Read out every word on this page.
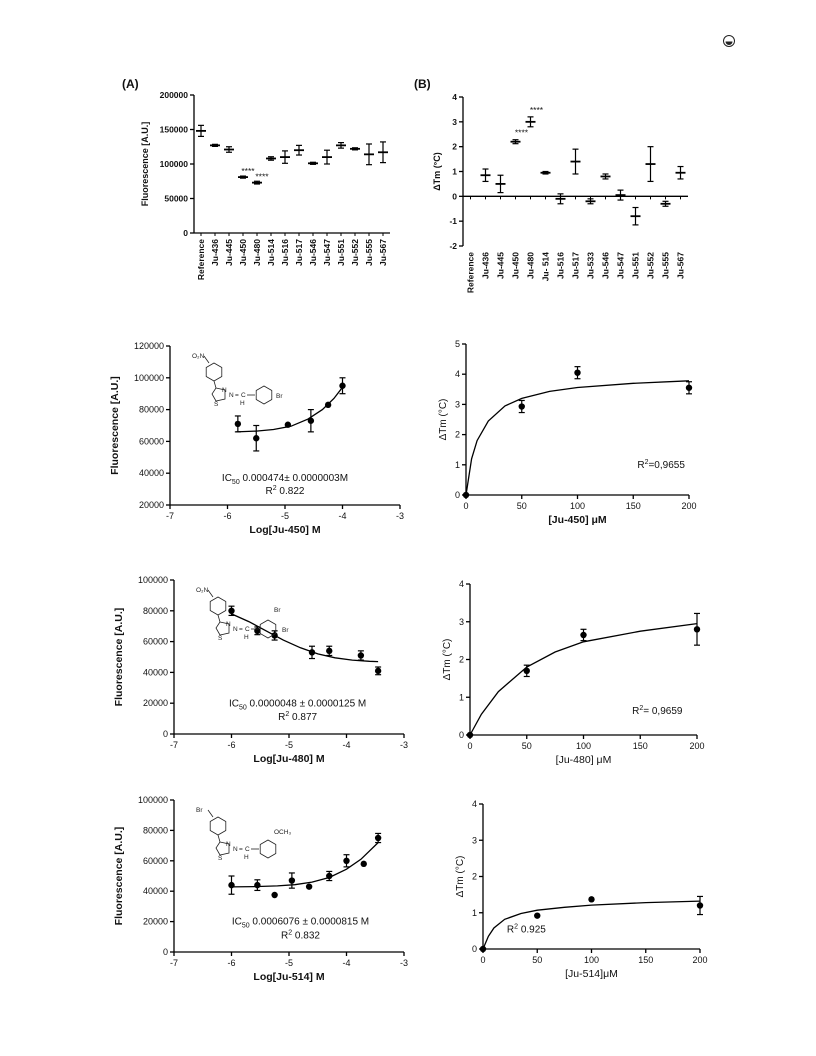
(A)
0
50000
100000
150000
200000
Fluorescence [A.U.]
Reference Ju-436 Ju-445 Ju-450 Ju-480 Ju-514 Ju-516 Ju-517 Ju-546 Ju-547 Ju-551 Ju-552 Ju-555 Ju-567
****
****
(B)
-2
-1
0
1
2
3
4
ΔTm (°C)
Reference Ju-436 Ju-445 Ju-450 Ju-480 Ju- 514 Ju-516 Ju-517 Ju-533 Ju-546 Ju-547 Ju-551 Ju-552 Ju-555 Ju-567
****
****
20000
40000
60000
80000
100000
120000
-7	-6	-5	-4	-3
Fluorescence [A.U.]
Log[Ju-450] M
$IC_{50}$ 0.000474± 0.0000003M
$R^2$ 0.822
O₂N
N
S
N = C
H
Br
0
1
2
3
4
5
0	50	100	150	200
ΔTm (°C)
[Ju-450] μM
$R^2=0,9655$
0
20000
40000
60000
80000
100000
-7	-6	-5	-4	-3
Fluorescence [A.U.]
Log[Ju-480] M
$IC_{50}$ 0.0000048 ± 0.0000125 M
$R^2$ 0.877
O₂N
N
S
N = C
H
Br
Br
0
1
2
3
4
0	50	100	150	200
ΔTm (°C)
[Ju-480] μM
$R^2= 0,9659$
0
20000
40000
60000
80000
100000
-7	-6	-5	-4	-3
Fluorescence [A.U.]
Log[Ju-514] M
$IC_{50}$ 0.0006076 ± 0.0000815 M
$R^2$ 0.832
Br
N
S
N = C
H
OCH₃
0
1
2
3
4
0	50	100	150	200
ΔTm (°C)
[Ju-514]μM
$R^2$ 0.925
